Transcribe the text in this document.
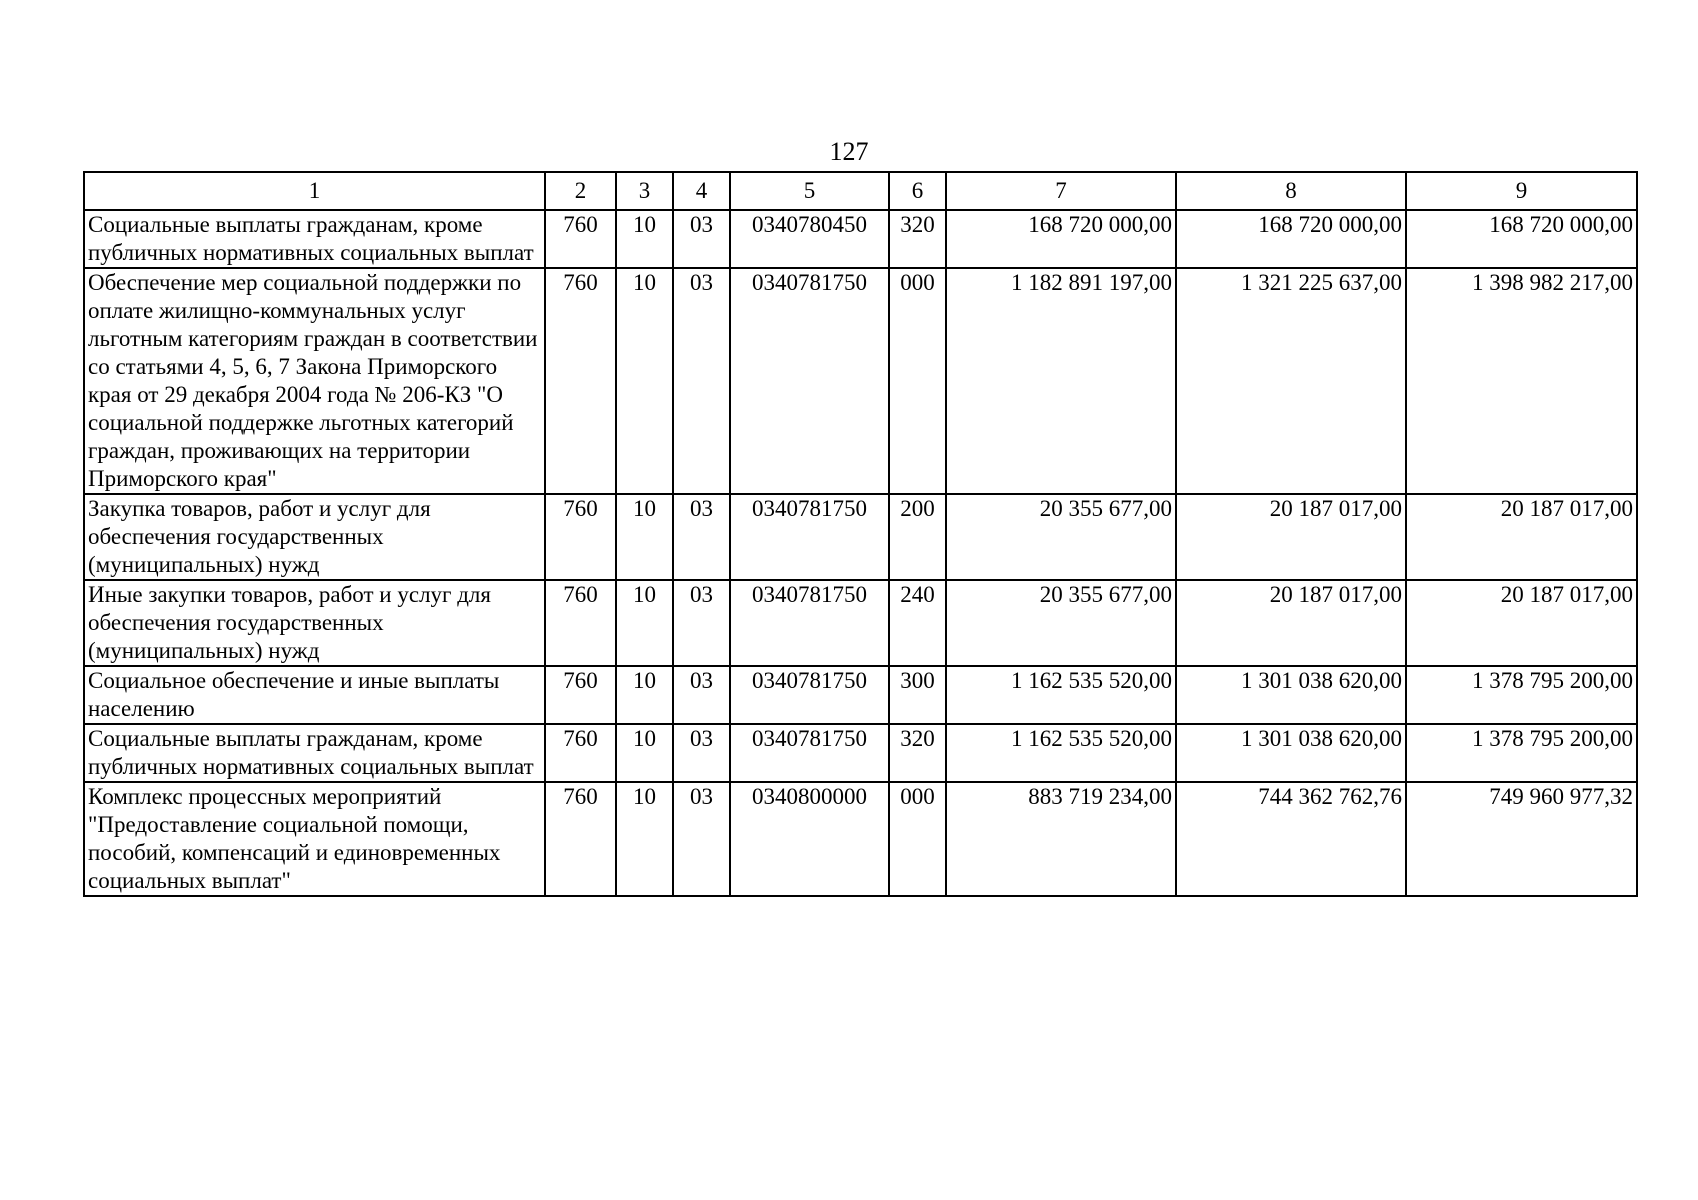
127
1	2	3	4	5	6	7	8	9
Социальные выплаты гражданам, кроме публичных нормативных социальных выплат	760	10	03	0340780450	320	168 720 000,00	168 720 000,00	168 720 000,00
Обеспечение мер социальной поддержки по оплате жилищно-коммунальных услуг льготным категориям граждан в соответствии со статьями 4, 5, 6, 7 Закона Приморского края от 29 декабря 2004 года № 206-КЗ "О социальной поддержке льготных категорий граждан, проживающих на территории Приморского края"	760	10	03	0340781750	000	1 182 891 197,00	1 321 225 637,00	1 398 982 217,00
Закупка товаров, работ и услуг для обеспечения государственных (муниципальных) нужд	760	10	03	0340781750	200	20 355 677,00	20 187 017,00	20 187 017,00
Иные закупки товаров, работ и услуг для обеспечения государственных (муниципальных) нужд	760	10	03	0340781750	240	20 355 677,00	20 187 017,00	20 187 017,00
Социальное обеспечение и иные выплаты населению	760	10	03	0340781750	300	1 162 535 520,00	1 301 038 620,00	1 378 795 200,00
Социальные выплаты гражданам, кроме публичных нормативных социальных выплат	760	10	03	0340781750	320	1 162 535 520,00	1 301 038 620,00	1 378 795 200,00
Комплекс процессных мероприятий "Предоставление социальной помощи, пособий, компенсаций и единовременных социальных выплат"	760	10	03	0340800000	000	883 719 234,00	744 362 762,76	749 960 977,32
